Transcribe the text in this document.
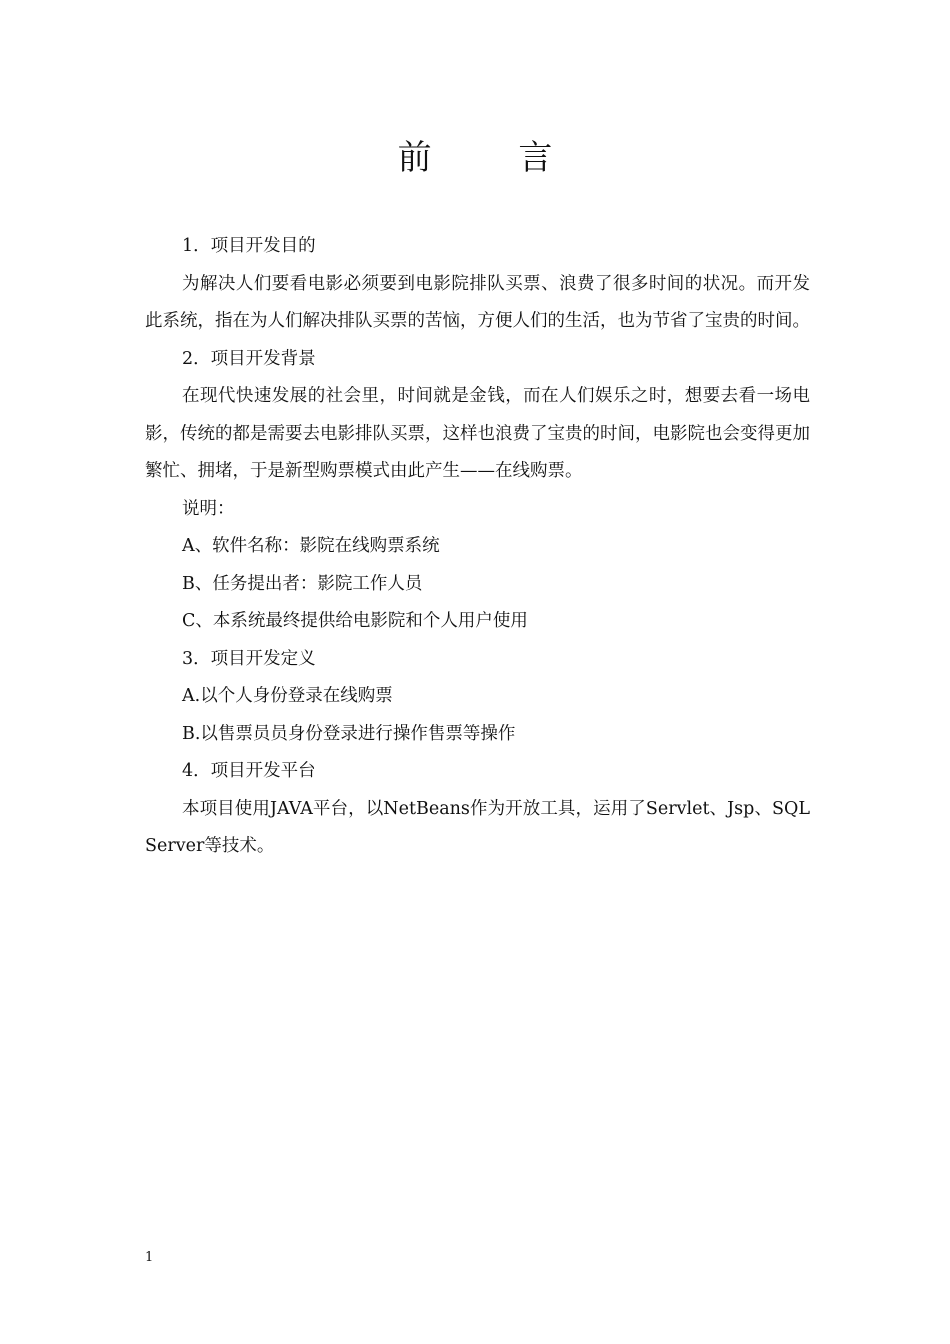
前 言

1．项目开发目的

为解决人们要看电影必须要到电影院排队买票、浪费了很多时间的状况。而开发此系统，指在为人们解决排队买票的苦恼，方便人们的生活，也为节省了宝贵的时间。

2．项目开发背景

在现代快速发展的社会里，时间就是金钱，而在人们娱乐之时，想要去看一场电影，传统的都是需要去电影排队买票，这样也浪费了宝贵的时间，电影院也会变得更加繁忙、拥堵，于是新型购票模式由此产生——在线购票。

说明：

A、软件名称：影院在线购票系统

B、任务提出者：影院工作人员

C、本系统最终提供给电影院和个人用户使用

3．项目开发定义

A.以个人身份登录在线购票

B.以售票员员身份登录进行操作售票等操作

4．项目开发平台

本项目使用JAVA平台，以NetBeans作为开放工具，运用了Servlet、Jsp、SQL Server等技术。

1
